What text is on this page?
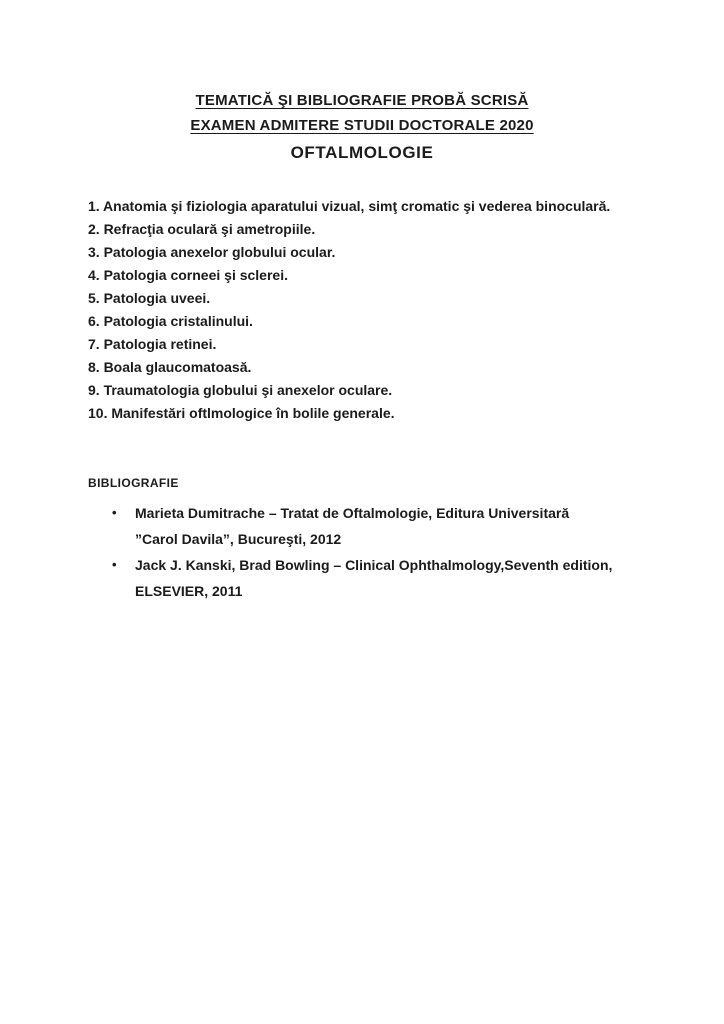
TEMATICĂ ŞI BIBLIOGRAFIE PROBĂ SCRISĂ
EXAMEN ADMITERE STUDII DOCTORALE 2020
OFTALMOLOGIE

1. Anatomia şi fiziologia aparatului vizual, simţ cromatic şi vederea binoculară.

2. Refracţia oculară şi ametropiile.

3. Patologia anexelor globului ocular.

4. Patologia corneei şi sclerei.

5. Patologia uveei.

6. Patologia cristalinului.

7. Patologia retinei.

8. Boala glaucomatoasă.

9. Traumatologia globului şi anexelor oculare.

10. Manifestări oftlmologice în bolile generale.

BIBLIOGRAFIE
• Marieta Dumitrache – Tratat de Oftalmologie, Editura Universitară
”Carol Davila”, Bucureşti, 2012
• Jack J. Kanski, Brad Bowling – Clinical Ophthalmology,Seventh edition,
ELSEVIER, 2011
